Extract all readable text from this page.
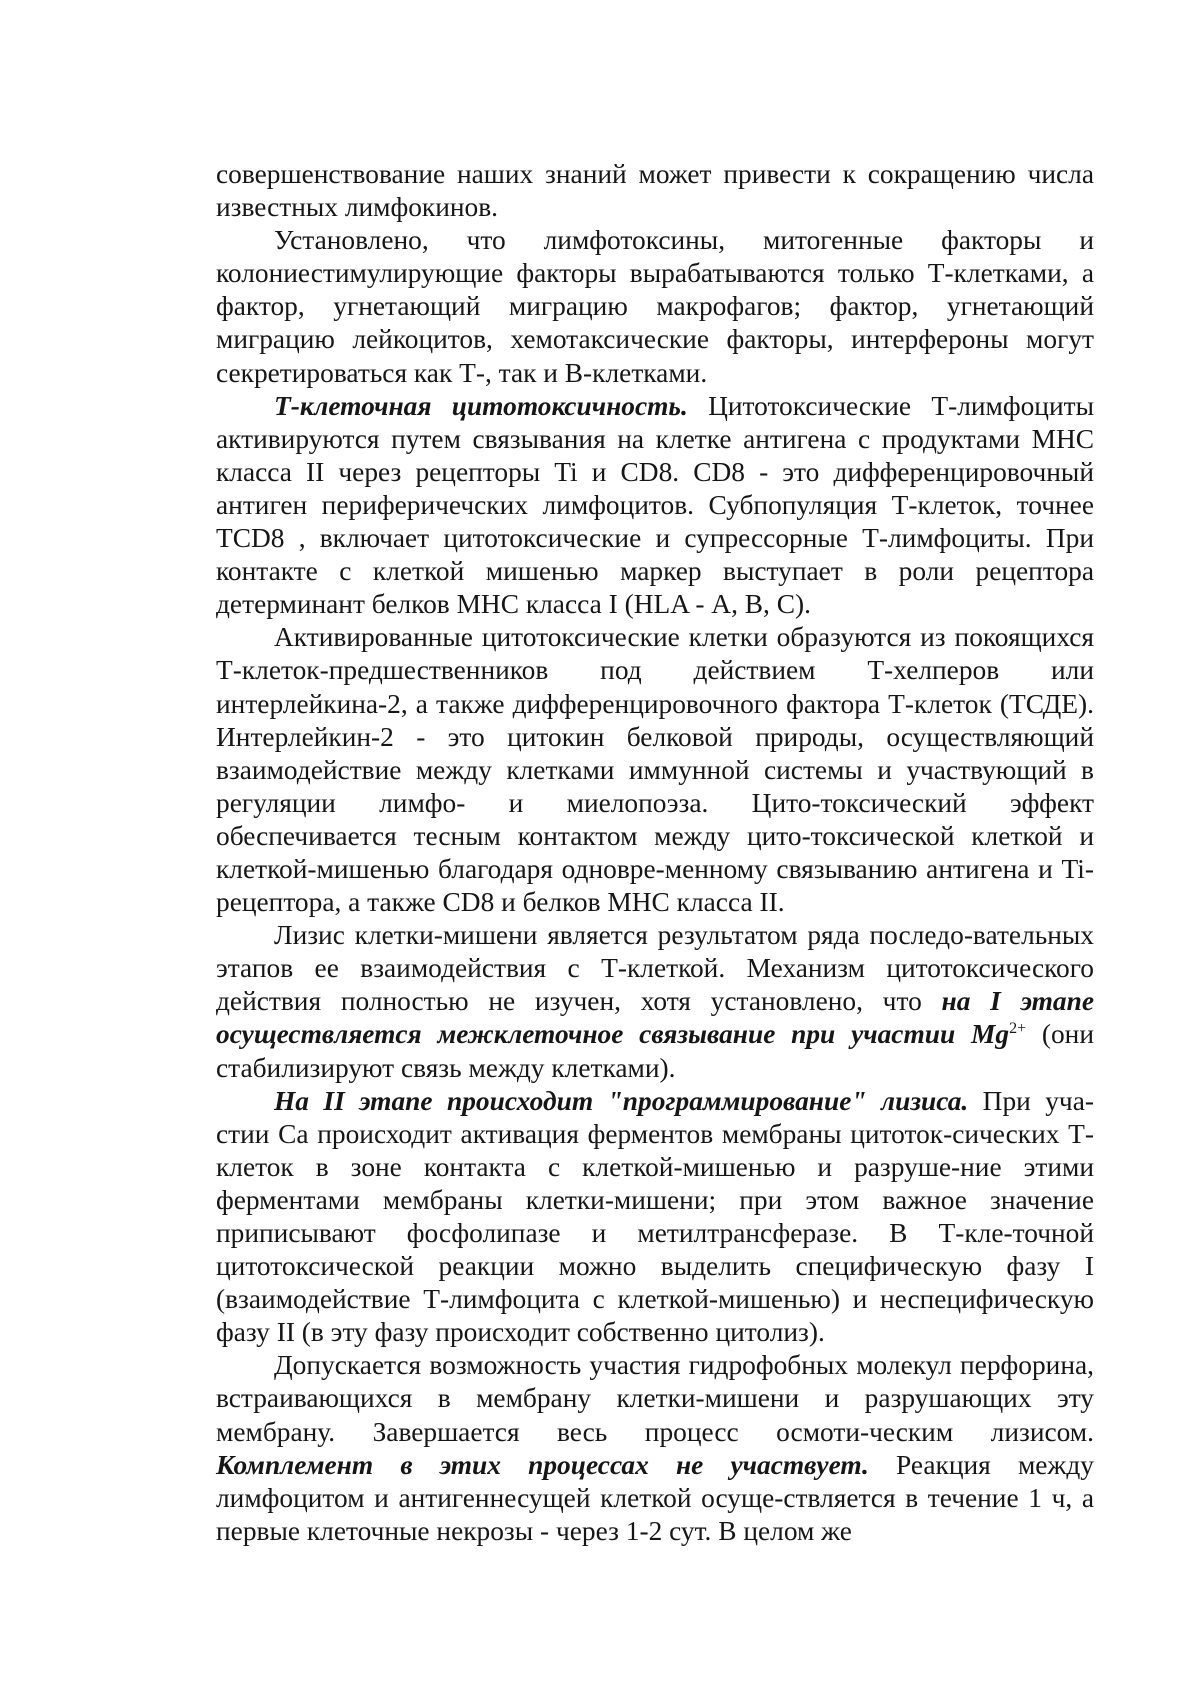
совершенствование наших знаний может привести к сокращению числа известных лимфокинов.

Установлено, что лимфотоксины, митогенные факторы и колониестимулирующие факторы вырабатываются только Т-клетками, а фактор, угнетающий миграцию макрофагов; фактор, угнетающий миграцию лейкоцитов, хемотаксические факторы, интерфероны могут секретироваться как Т-, так и В-клетками.

Т-клеточная цитотоксичность. Цитотоксические Т-лимфоциты активируются путем связывания на клетке антигена с продуктами МНС класса II через рецепторы Ti и CD8. CD8 - это дифференцировочный антиген периферичечских лимфоцитов. Субпопуляция Т-клеток, точнее TCD8 , включает цитотоксические и супрессорные Т-лимфоциты. При контакте с клеткой мишенью маркер выступает в роли рецептора детерминант белков МНС класса I (HLA - А, В, С).

Активированные цитотоксические клетки образуются из покоящихся Т-клеток-предшественников под действием Т-хелперов или интерлейкина-2, а также дифференцировочного фактора Т-клеток (ТСДЕ). Интерлейкин-2 - это цитокин белковой природы, осуществляющий взаимодействие между клетками иммунной системы и участвующий в регуляции лимфо- и миелопоэза. Цито-токсический эффект обеспечивается тесным контактом между цито-токсической клеткой и клеткой-мишенью благодаря одновре-менному связыванию антигена и Ti-рецептора, а также CD8 и белков МНС класса II.

Лизис клетки-мишени является результатом ряда последо-вательных этапов ее взаимодействия с Т-клеткой. Механизм цитотоксического действия полностью не изучен, хотя установлено, что на I этапе осуществляется межклеточное связывание при участии $Mg^{2+}$ (они стабилизируют связь между клетками).

На II этапе происходит "программирование" лизиса. При уча-стии Са происходит активация ферментов мембраны цитоток-сических Т-клеток в зоне контакта с клеткой-мишенью и разруше-ние этими ферментами мембраны клетки-мишени; при этом важное значение приписывают фосфолипазе и метилтрансферазе. В Т-кле-точной цитотоксической реакции можно выделить специфическую фазу I (взаимодействие Т-лимфоцита с клеткой-мишенью) и неспецифическую фазу II (в эту фазу происходит собственно цитолиз).

Допускается возможность участия гидрофобных молекул перфорина, встраивающихся в мембрану клетки-мишени и разрушающих эту мембрану. Завершается весь процесс осмоти-ческим лизисом. Комплемент в этих процессах не участвует. Реакция между лимфоцитом и антигеннесущей клеткой осуще-ствляется в течение 1 ч, а первые клеточные некрозы - через 1-2 сут. В целом же
